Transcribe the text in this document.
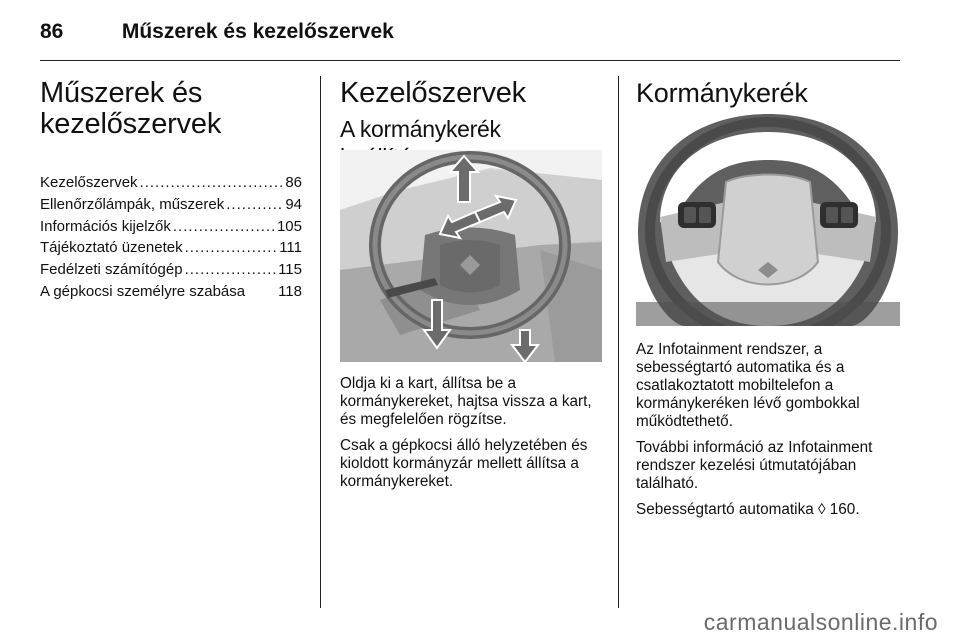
86	Műszerek és kezelőszervek
Műszerek és
kezelőszervek
Kezelőszervek .....	86
Ellenőrzőlámpák, műszerek .....	94
Információs kijelzők .....	105
Tájékoztató üzenetek .....	111
Fedélzeti számítógép .....	115
A gépkocsi személyre szabása 118
Kezelőszervek
A kormánykerék

Oldja ki a kart, állítsa be a kormánykereket, hajtsa vissza a kart, és megfelelően rögzítse.

Csak a gépkocsi álló helyzetében és kioldott kormányzár mellett állítsa a kormánykereket.

Kormánykerék

Az Infotainment rendszer, a sebességtartó automatika és a csatlakoztatott mobiltelefon a kormánykeréken lévő gombokkal működtethető.

További információ az Infotainment rendszer kezelési útmutatójában található.

Sebességtartó automatika ◊ 160.

carmanualsonline.info
